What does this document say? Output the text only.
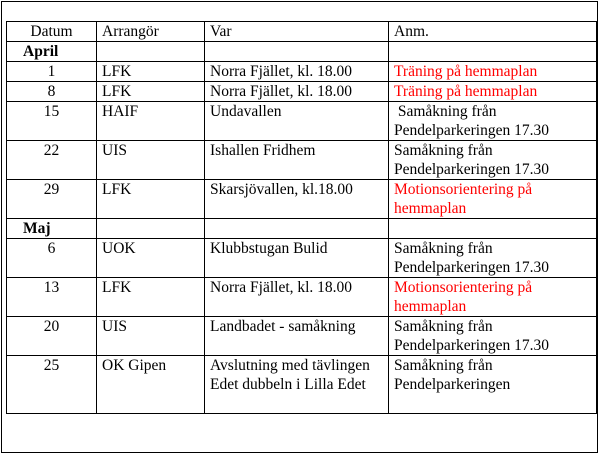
Datum	Arrangör	Var	Anm.
April			
1	LFK	Norra Fjället, kl. 18.00	Träning på hemmaplan
8	LFK	Norra Fjället, kl. 18.00	Träning på hemmaplan
15	HAIF	Undavallen	Samåkning från Pendelparkeringen 17.30
22	UIS	Ishallen Fridhem	Samåkning från Pendelparkeringen 17.30
29	LFK	Skarsjövallen, kl.18.00	Motionsorientering på hemmaplan
Maj			
6	UOK	Klubbstugan Bulid	Samåkning från Pendelparkeringen 17.30
13	LFK	Norra Fjället, kl. 18.00	Motionsorientering på hemmaplan
20	UIS	Landbadet - samåkning	Samåkning från Pendelparkeringen 17.30
25	OK Gipen	Avslutning med tävlingen Edet dubbeln i Lilla Edet	Samåkning från Pendelparkeringen
